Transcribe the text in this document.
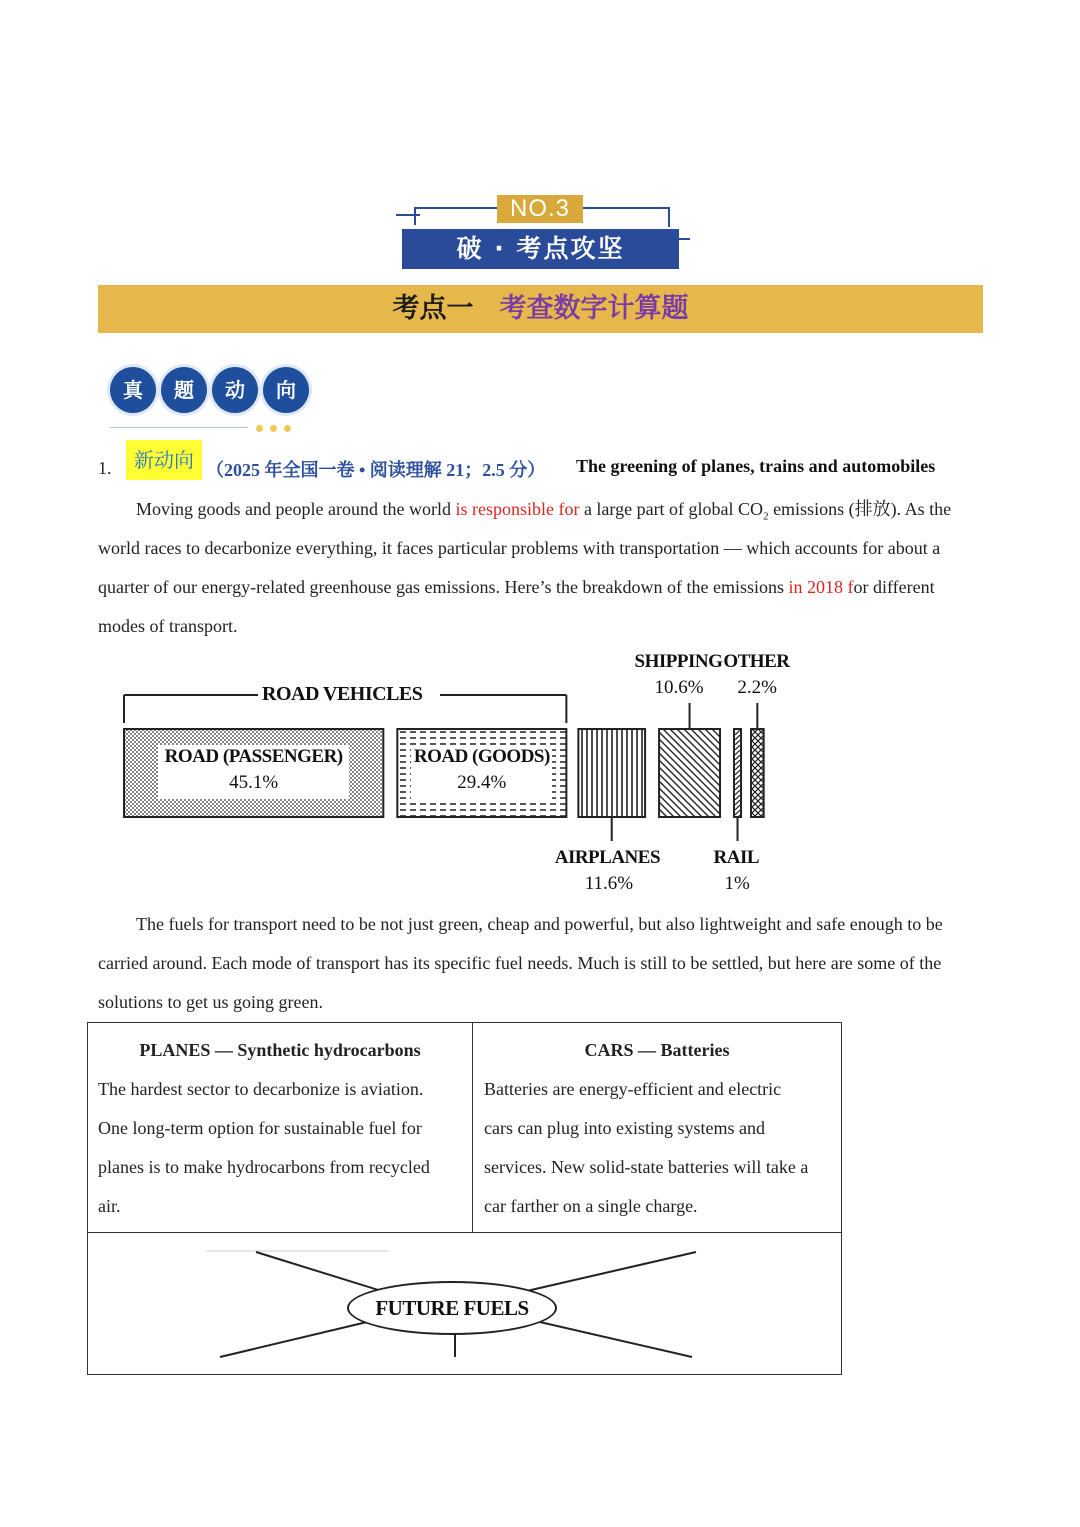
NO.3
破 · 考点攻坚
考点一 考查数字计算题
真	题	动	向
1.	新动向 （2025 年全国一卷 • 阅读理解 21；2.5 分） The greening of planes, trains and automobiles
Moving goods and people around the world is responsible for a large part of global $CO_2$ emissions (排放). As the world races to decarbonize everything, it faces particular problems with transportation — which accounts for about a quarter of our energy-related greenhouse gas emissions. Here’s the breakdown of the emissions in 2018 for different modes of transport.
ROAD VEHICLES
ROAD (PASSENGER)
45.1%
ROAD (GOODS)
29.4%
AIRPLANES
11.6%
SHIPPING
10.6%
RAIL
1%
OTHER
2.2%
The fuels for transport need to be not just green, cheap and powerful, but also lightweight and safe enough to be carried around. Each mode of transport has its specific fuel needs. Much is still to be settled, but here are some of the solutions to get us going green.
PLANES — Synthetic hydrocarbons
The hardest sector to decarbonize is aviation.
One long-term option for sustainable fuel for
planes is to make hydrocarbons from recycled
air.
CARS — Batteries
Batteries are energy-efficient and electric
cars can plug into existing systems and
services. New solid-state batteries will take a
car farther on a single charge.
FUTURE FUELS
